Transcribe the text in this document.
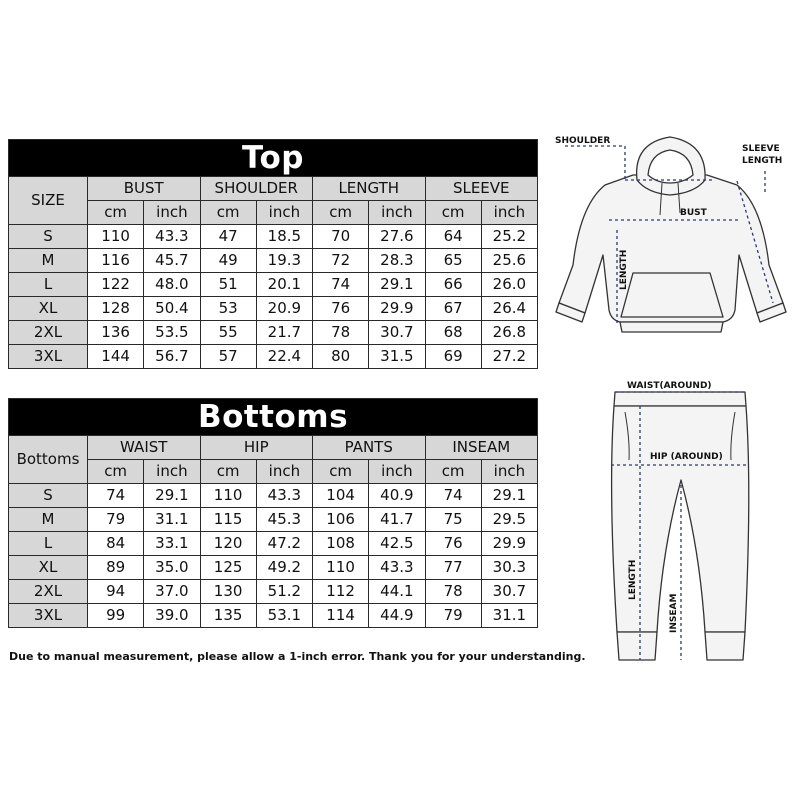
Top								
SIZE	BUST		SHOULDER		LENGTH		SLEEVE	
	cm	inch	cm	inch	cm	inch	cm	inch
S	110	43.3	47	18.5	70	27.6	64	25.2
M	116	45.7	49	19.3	72	28.3	65	25.6
L	122	48.0	51	20.1	74	29.1	66	26.0
XL	128	50.4	53	20.9	76	29.9	67	26.4
2XL	136	53.5	55	21.7	78	30.7	68	26.8
3XL	144	56.7	57	22.4	80	31.5	69	27.2
Bottoms								
Bottoms	WAIST		HIP		PANTS		INSEAM	
	cm	inch	cm	inch	cm	inch	cm	inch
S	74	29.1	110	43.3	104	40.9	74	29.1
M	79	31.1	115	45.3	106	41.7	75	29.5
L	84	33.1	120	47.2	108	42.5	76	29.9
XL	89	35.0	125	49.2	110	43.3	77	30.3
2XL	94	37.0	130	51.2	112	44.1	78	30.7
3XL	99	39.0	135	53.1	114	44.9	79	31.1
Due to manual measurement, please allow a 1-inch error. Thank you for your understanding.
SHOULDER
SLEEVE
LENGTH
BUST
LENGTH
WAIST(AROUND)
HIP (AROUND)
LENGTH
INSEAM
